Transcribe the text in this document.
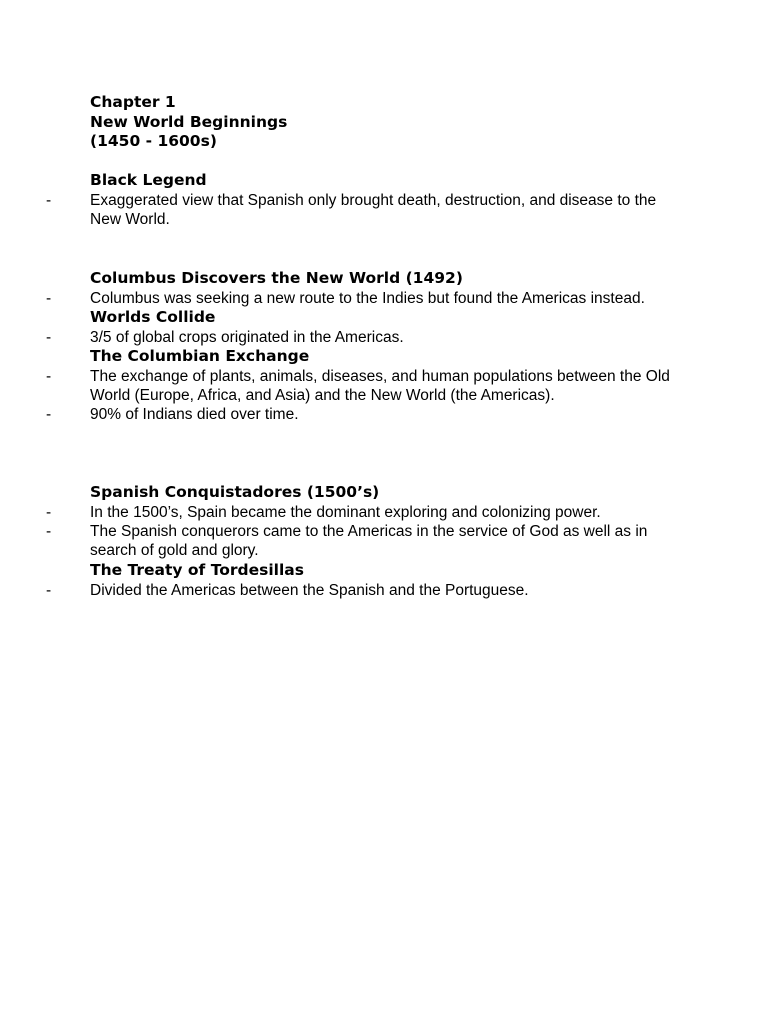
Chapter 1
New World Beginnings
(1450 - 1600s)
Black Legend
-	Exaggerated view that Spanish only brought death, destruction, and disease to the New World.
Columbus Discovers the New World (1492)
-	Columbus was seeking a new route to the Indies but found the Americas instead.
Worlds Collide
-	3/5 of global crops originated in the Americas.
The Columbian Exchange
-	The exchange of plants, animals, diseases, and human populations between the Old World (Europe, Africa, and Asia) and the New World (the Americas).
-	90% of Indians died over time.
Spanish Conquistadores (1500’s)
-	In the 1500’s, Spain became the dominant exploring and colonizing power.
-	The Spanish conquerors came to the Americas in the service of God as well as in search of gold and glory.
The Treaty of Tordesillas
-	Divided the Americas between the Spanish and the Portuguese.
